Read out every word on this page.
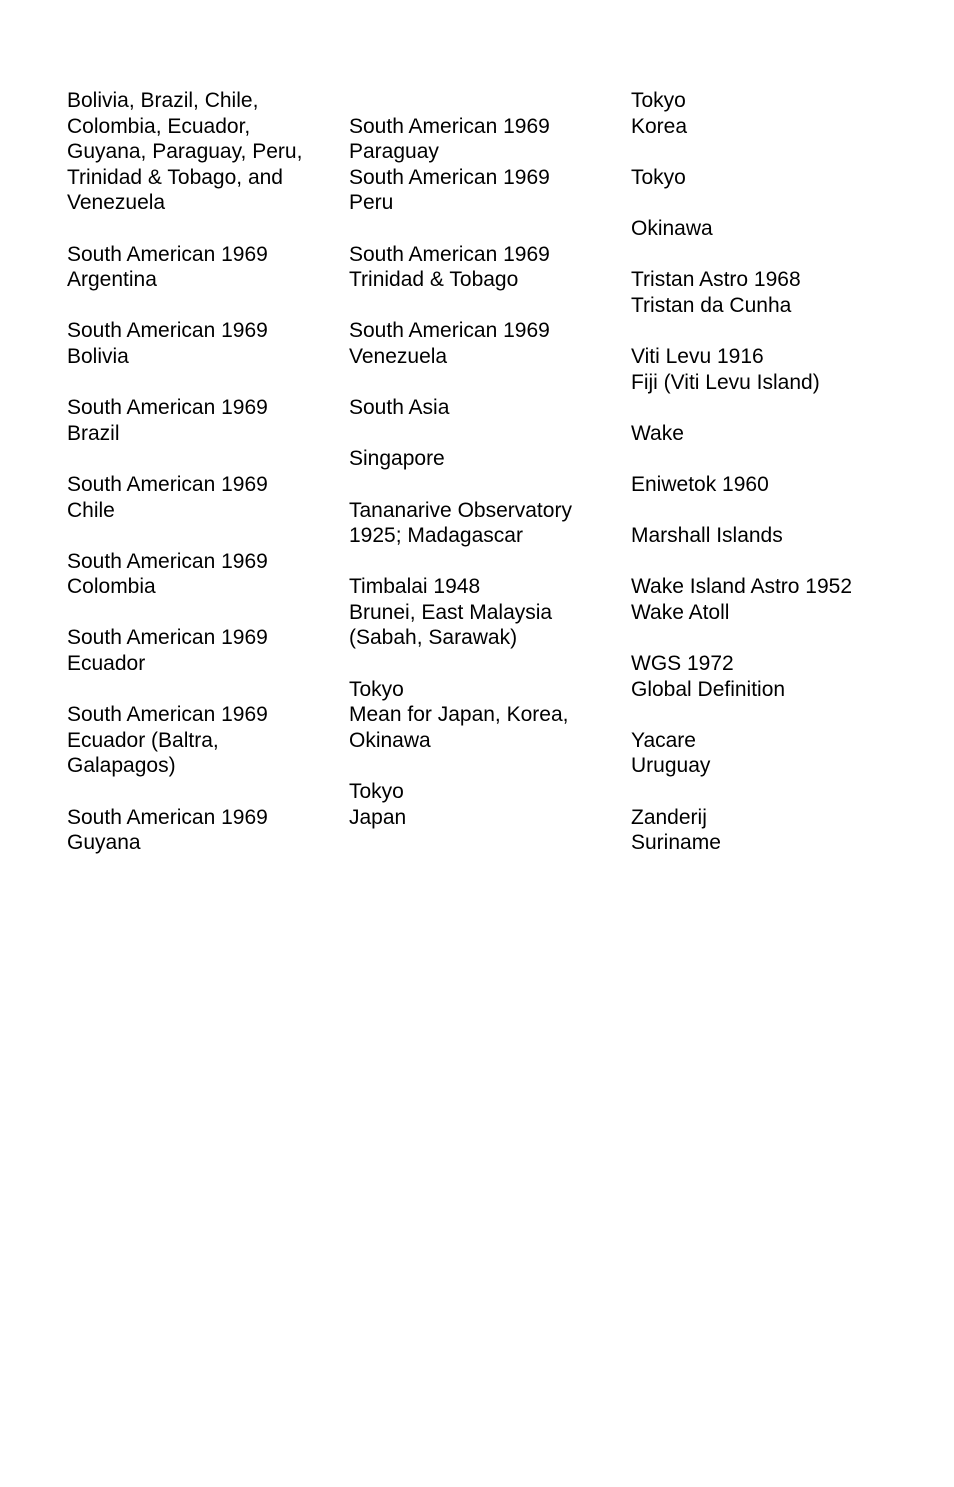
Bolivia, Brazil, Chile,
Colombia, Ecuador,
Guyana, Paraguay, Peru,
Trinidad & Tobago, and
Venezuela
South American 1969
Argentina
South American 1969
Bolivia
South American 1969
Brazil
South American 1969
Chile
South American 1969
Colombia
South American 1969
Ecuador
South American 1969
Ecuador (Baltra,
Galapagos)
South American 1969
Guyana
South American 1969
Paraguay
South American 1969
Peru
South American 1969
Trinidad & Tobago
South American 1969
Venezuela
South Asia
Singapore
Tananarive Observatory
1925; Madagascar
Timbalai 1948
Brunei, East Malaysia
(Sabah, Sarawak)
Tokyo
Mean for Japan, Korea,
Okinawa
Tokyo
Japan
Tokyo
Korea
Tokyo
Okinawa
Tristan Astro 1968
Tristan da Cunha
Viti Levu 1916
Fiji (Viti Levu Island)
Wake
Eniwetok 1960
Marshall Islands
Wake Island Astro 1952
Wake Atoll
WGS 1972
Global Definition
Yacare
Uruguay
Zanderij
Suriname
